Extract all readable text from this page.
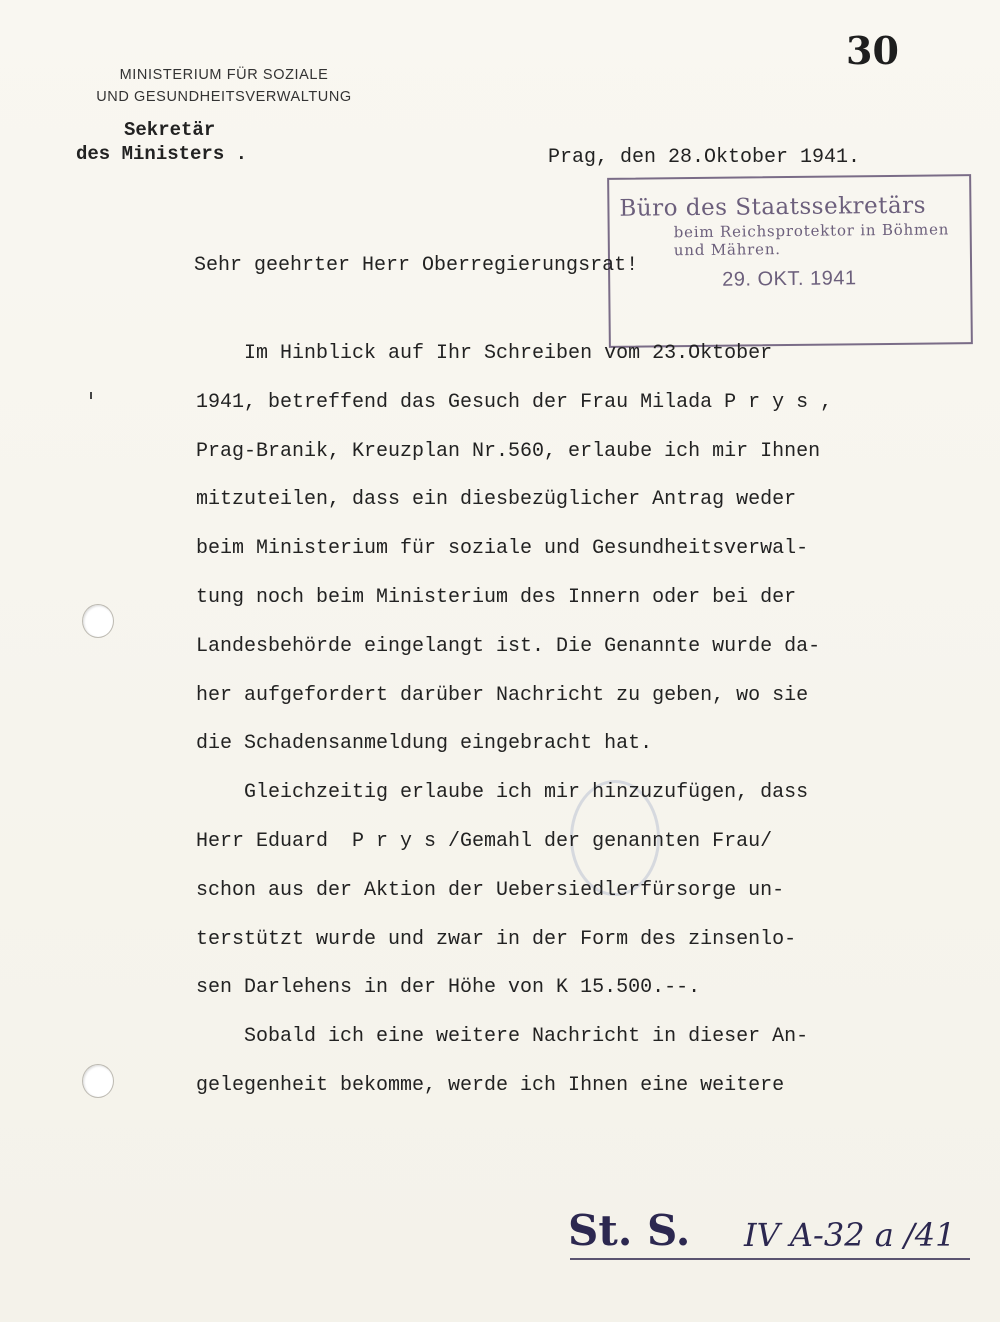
30
MINISTERIUM FÜR SOZIALE
UND GESUNDHEITSVERWALTUNG
Sekretär
des Ministers .	Prag, den 28.Oktober 1941.
Büro des Staatssekretärs
beim Reichsprotektor in Böhmen und Mähren.
29. OKT. 1941
Sehr geehrter Herr Oberregierungsrat!
Im Hinblick auf Ihr Schreiben vom 23.Oktober
1941, betreffend das Gesuch der Frau Milada P r y s ,
Prag-Branik, Kreuzplan Nr.560, erlaube ich mir Ihnen
mitzuteilen, dass ein diesbezüglicher Antrag weder
beim Ministerium für soziale und Gesundheitsverwal-
tung noch beim Ministerium des Innern oder bei der
Landesbehörde eingelangt ist. Die Genannte wurde da-
her aufgefordert darüber Nachricht zu geben, wo sie
die Schadensanmeldung eingebracht hat.
Gleichzeitig erlaube ich mir hinzuzufügen, dass
Herr Eduard  P r y s /Gemahl der genannten Frau/
schon aus der Aktion der Uebersiedlerfürsorge un-
terstützt wurde und zwar in der Form des zinsenlo-
sen Darlehens in der Höhe von K 15.500.--.
Sobald ich eine weitere Nachricht in dieser An-
gelegenheit bekomme, werde ich Ihnen eine weitere
St. S. IV A-32 a /41
